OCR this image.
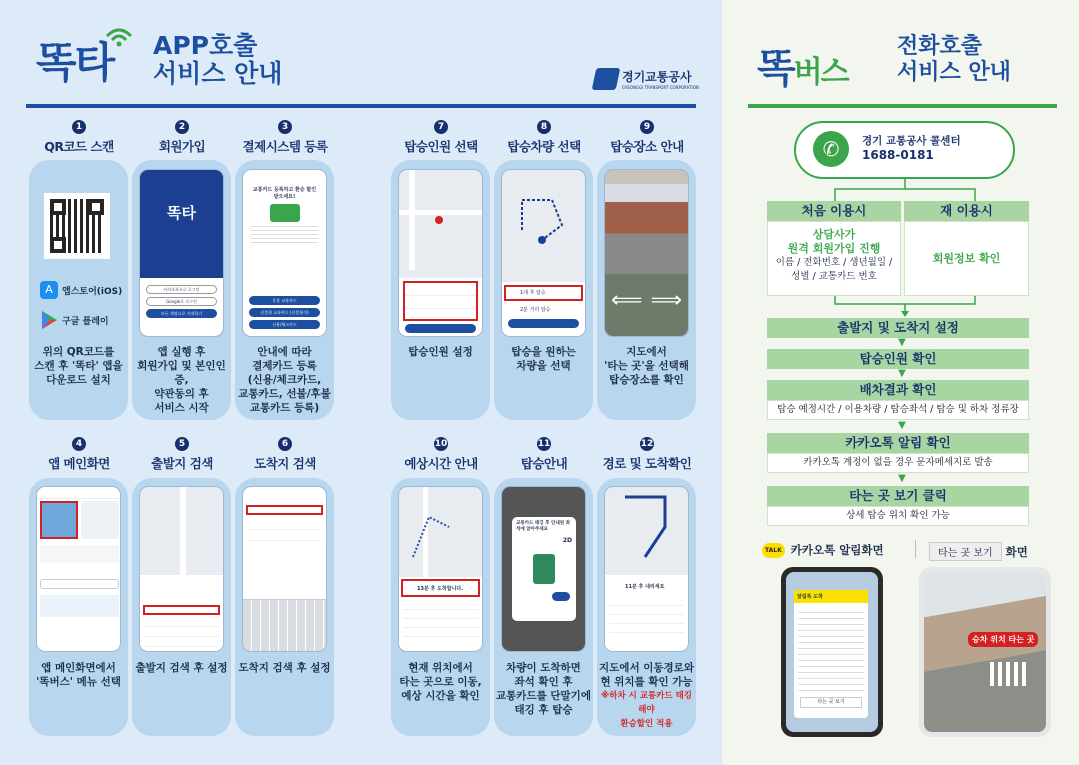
똑타 APP호출
서비스 안내	경기교통공사
GYEONGGI TRANSPORT CORPORATION 똑버스
전화호출
서비스 안내
A	앱스토어(iOS)
구글 플레이
똑타
카카오톡으로 로그인
Google로 로그인
모든 계정으로 시작하기
교통카드 등록하고 환승 할인 받으세요!
후불 교통카드
선불형 교통카드 (선불형식)
신용/체크카드
1대 후 탑승
2분 거리 탑승	⟸ ⟹
13분 후 도착합니다.
교통카드 태깅 후 안내된 좌석에 앉아주세요
2D
11분 후 내리세요
✆	경기 교통공사 콜센터
1688-0181
처음 이용시
상담사가
원격 회원가입 진행
이름 / 전화번호 / 생년월일 /
성별 / 교통카드 번호
재 이용시
회원정보 확인
출발지 및 도착지 설정
▼
탑승인원 확인
▼
배차결과 확인
탑승 예정시간 / 이용차량 / 탑승좌석 / 탑승 및 하차 정류장
▼
카카오톡 알림 확인
카카오톡 계정이 없을 경우 문자메세지로 발송
▼
타는 곳 보기 클릭
상세 탑승 위치 확인 가능
TALK 카카오톡 알림화면	타는 곳 보기	화면
알림톡 도착
타는 곳 보기
승차 위치 타는 곳
1
QR코드 스캔
위의 QR코드를
스캔 후 '똑타' 앱을
다운로드 설치
2
회원가입
앱 실행 후
회원가입 및 본인인증,
약관동의 후
서비스 시작
3
결제시스템 등록
안내에 따라
결제카드 등록
(신용/체크카드,
교통카드, 선불/후불
교통카드 등록)
4
앱 메인화면
앱 메인화면에서
'똑버스' 메뉴 선택
5
출발지 검색
출발지 검색 후 설정
6
도착지 검색
도착지 검색 후 설정
7
탑승인원 선택
탑승인원 설정
8
탑승차량 선택
탑승을 원하는
차량을 선택
9
탑승장소 안내
지도에서
'타는 곳'을 선택해
탑승장소를 확인
10
예상시간 안내
현재 위치에서
타는 곳으로 이동,
예상 시간을 확인
11
탑승안내
차량이 도착하면
좌석 확인 후
교통카드를 단말기에
태깅 후 탑승
12
경로 및 도착확인
지도에서 이동경로와
현 위치를 확인 가능
※하차 시 교통카드 태깅해야
환승할인 적용
